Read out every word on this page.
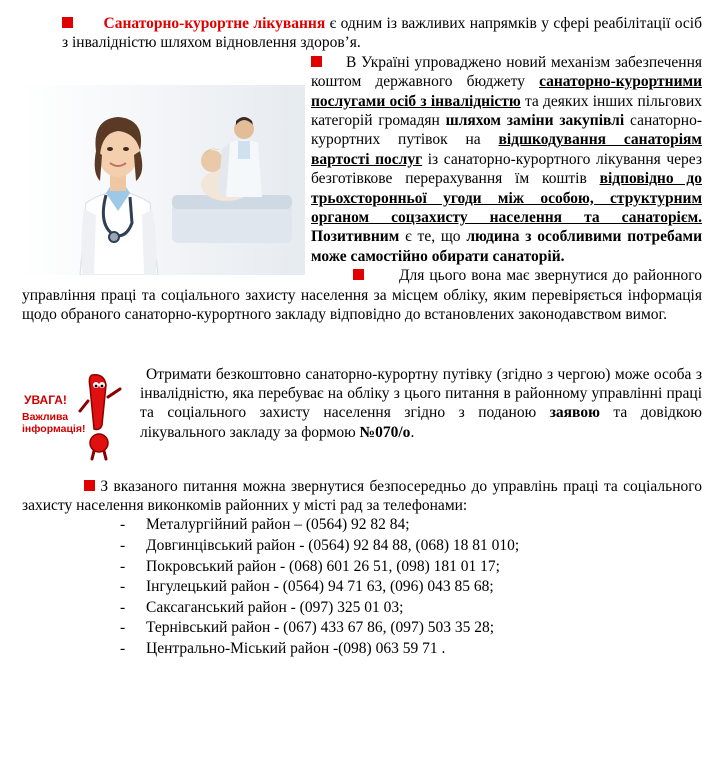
Санаторно-курортне лікування є одним із важливих напрямків у сфері реабілітації осіб з інвалідністю шляхом відновлення здоров’я.

В Україні упроваджено новий механізм забезпечення коштом державного бюджету санаторно-курортними послугами осіб з інвалідністю та деяких інших пільгових категорій громадян шляхом заміни закупівлі санаторно-курортних путівок на відшкодування санаторіям вартості послуг із санаторно-курортного лікування через безготівкове перерахування їм коштів відповідно до трьохсторонньої угоди між особою, структурним органом соцзахисту населення та санаторієм. Позитивним є те, що людина з особливими потребами може самостійно обирати санаторій.

Для цього вона має звернутися до районного управління праці та соціального захисту населення за місцем обліку, яким перевіряється інформація щодо обраного санаторно-курортного закладу відповідно до встановлених законодавством вимог.

УВАГА!
Важлива інформація!

Отримати безкоштовно санаторно-курортну путівку (згідно з чергою) може особа з інвалідністю, яка перебуває на обліку з цього питання в районному управлінні праці та соціального захисту населення згідно з поданою заявою та довідкою лікувального закладу за формою №070/о.

З вказаного питання можна звернутися безпосередньо до управлінь праці та соціального захисту населення виконкомів районних у місті рад за телефонами:

- Металургійний район – (0564) 92 82 84;
- Довгинцівський район - (0564) 92 84 88, (068) 18 81 010;
- Покровський район - (068) 601 26 51, (098) 181 01 17;
- Інгулецький район - (0564) 94 71 63, (096) 043 85 68;
- Саксаганський район - (097) 325 01 03;
- Тернівський район - (067) 433 67 86, (097) 503 35 28;
- Центрально-Міський район -(098) 063 59 71 .
